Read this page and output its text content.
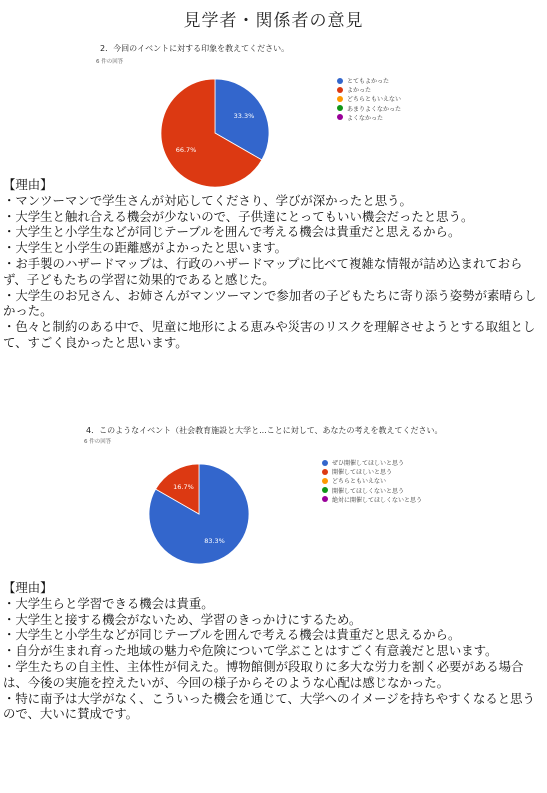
見学者・関係者の意見
2．今回のイベントに対する印象を教えてください。
6 件の回答
33.3%
66.7%
とてもよかった
よかった
どちらともいえない
あまりよくなかった
よくなかった
【理由】
・マンツーマンで学生さんが対応してくださり、学びが深かったと思う。
・大学生と触れ合える機会が少ないので、子供達にとってもいい機会だったと思う。
・大学生と小学生などが同じテーブルを囲んで考える機会は貴重だと思えるから。
・大学生と小学生の距離感がよかったと思います。
・お手製のハザードマップは、行政のハザードマップに比べて複雑な情報が詰め込まれておらず、子どもたちの学習に効果的であると感じた。
・大学生のお兄さん、お姉さんがマンツーマンで参加者の子どもたちに寄り添う姿勢が素晴らしかった。
・色々と制約のある中で、児童に地形による恵みや災害のリスクを理解させようとする取組として、すごく良かったと思います。
4．このようなイベント（社会教育施設と大学と...ことに対して、あなたの考えを教えてください。
6 件の回答
83.3%
16.7%
ぜひ開催してほしいと思う
開催してほしいと思う
どちらともいえない
開催してほしくないと思う
絶対に開催してほしくないと思う
【理由】
・大学生らと学習できる機会は貴重。
・大学生と接する機会がないため、学習のきっかけにするため。
・大学生と小学生などが同じテーブルを囲んで考える機会は貴重だと思えるから。
・自分が生まれ育った地域の魅力や危険について学ぶことはすごく有意義だと思います。
・学生たちの自主性、主体性が伺えた。博物館側が段取りに多大な労力を割く必要がある場合は、今後の実施を控えたいが、今回の様子からそのような心配は感じなかった。
・特に南予は大学がなく、こういった機会を通じて、大学へのイメージを持ちやすくなると思うので、大いに賛成です。
